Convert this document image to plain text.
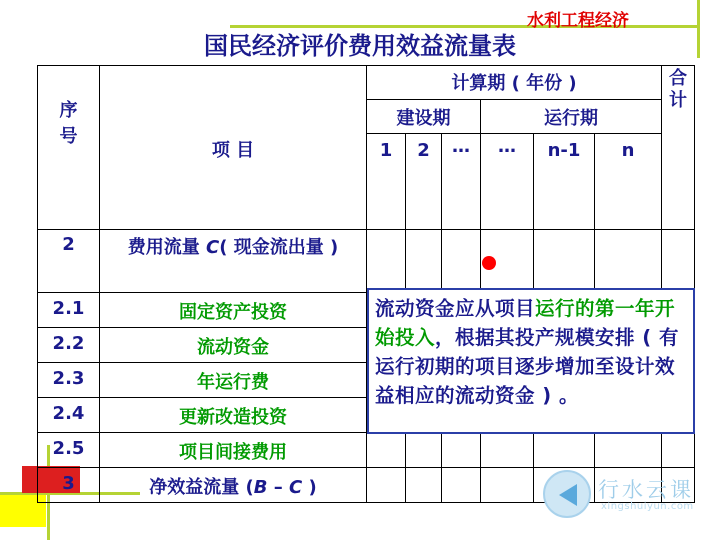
水利工程经济
国民经济评价费用效益流量表
序号	项 目	计算期 ( 年份 )						合计
		建设期			运行期			
		1	2	…	…	n-1	n	
2	费用流量 C( 现金流出量 )							
2.1	固定资产投资							
2.2	流动资金							
2.3	年运行费							
2.4	更新改造投资							
2.5	项目间接费用							
3	净效益流量 (B – C )							
流动资金应从项目运行的第一年开始投入，根据其投产规模安排 ( 有运行初期的项目逐步增加至设计效益相应的流动资金 ) 。
行水云课
xingshuiyun.com
